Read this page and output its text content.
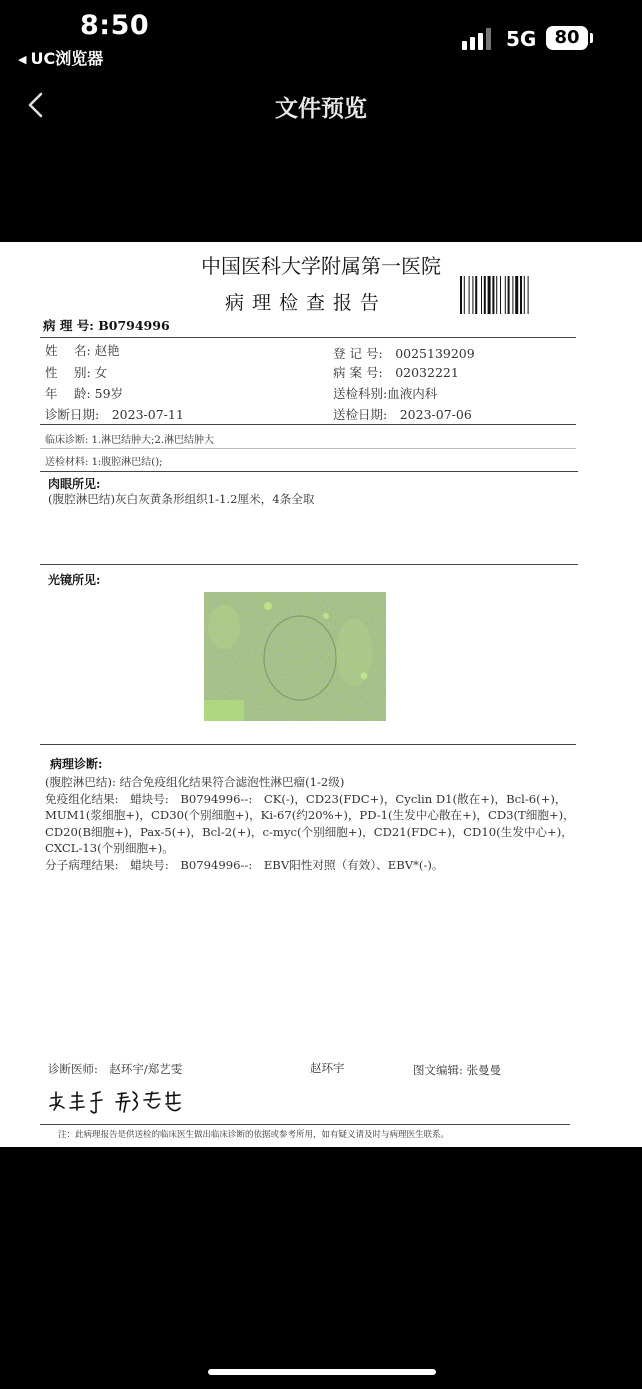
8:50
◀ UC浏览器
5G	80
文件预览
中国医科大学附属第一医院
病理检查报告
病 理 号: B0794996
姓　 名: 赵艳	登 记 号:　 0025139209
性　 别: 女	病 案 号:　 02032221
年　 龄: 59岁	送检科别:血液内科
诊断日期:　 2023-07-11	送检日期:　 2023-07-06
临床诊断: 1.淋巴结肿大;2.淋巴结肿大
送检材料: 1:腹腔淋巴结();
肉眼所见:
(腹腔淋巴结)灰白灰黄条形组织1-1.2厘米，4条全取
光镜所见:
病理诊断:
(腹腔淋巴结): 结合免疫组化结果符合滤泡性淋巴瘤(1-2级)
免疫组化结果:　蜡块号:　B0794996--:　CK(-)，CD23(FDC+)，Cyclin D1(散在+)，Bcl-6(+)，MUM1(浆细胞+)，CD30(个别细胞+)，Ki-67(约20%+)，PD-1(生发中心散在+)，CD3(T细胞+)，CD20(B细胞+)，Pax-5(+)，Bcl-2(+)，c-myc(个别细胞+)，CD21(FDC+)，CD10(生发中心+)，CXCL-13(个别细胞+)。
分子病理结果:　蜡块号:　B0794996--:　EBV阳性对照（有效）、EBV*(-)。
诊断医师:　 赵环宇/郑艺雯	赵环宇	图文编辑: 张曼曼
注：此病理报告是供送检的临床医生做出临床诊断的依据或参考所用，如有疑义请及时与病理医生联系。
